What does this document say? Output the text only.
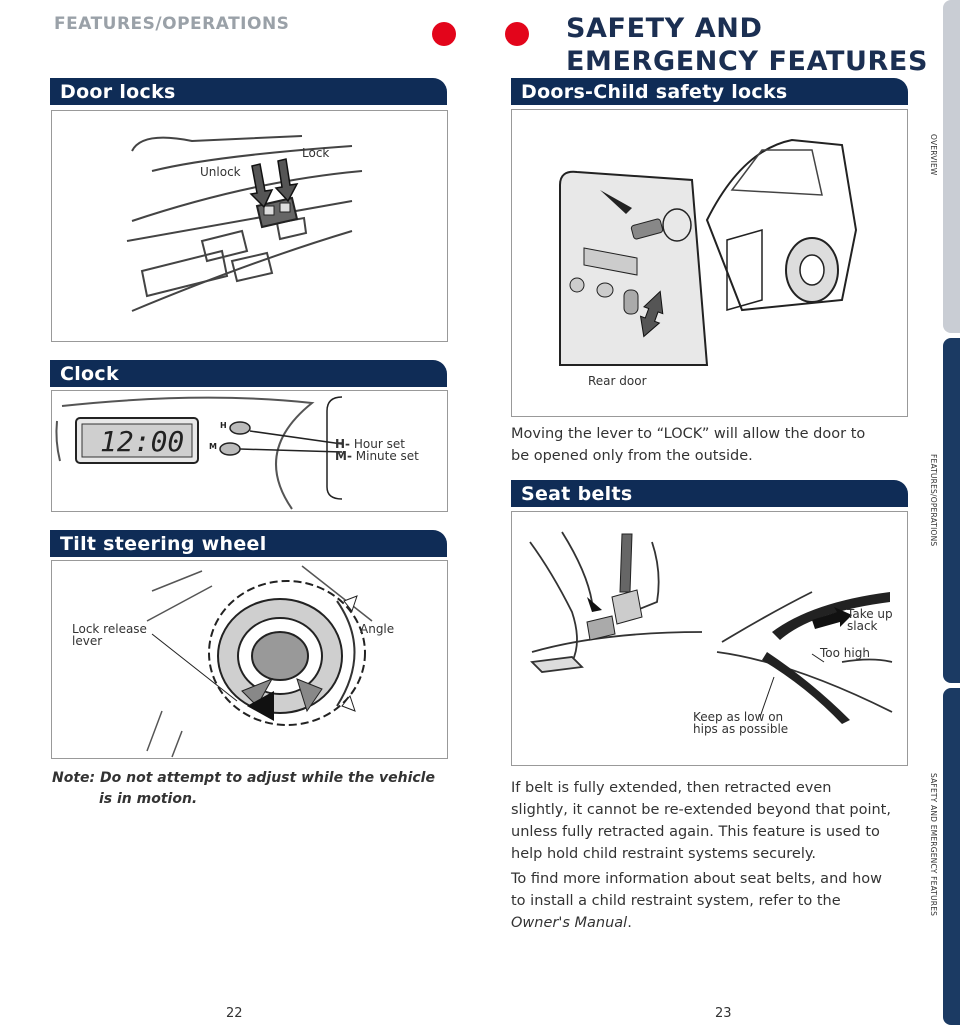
FEATURES/OPERATIONS	SAFETY AND
EMERGENCY FEATURES
Door locks
Unlock
Lock
Clock
12:00	H
M	H- Hour set
M- Minute set
Tilt steering wheel
Lock release
lever
Angle
Note: Do not attempt to adjust while the vehicle
is in motion.
Doors-Child safety locks
Rear door
Moving the lever to “LOCK” will allow the door to
be opened only from the outside.
Seat belts
Take up
slack
Too high
Keep as low on
hips as possible
If belt is fully extended, then retracted even
slightly, it cannot be re-extended beyond that point,
unless fully retracted again. This feature is used to
help hold child restraint systems securely.
To find more information about seat belts, and how
to install a child restraint system, refer to the
Owner's Manual.
OVERVIEW
FEATURES/OPERATIONS
SAFETY AND EMERGENCY FEATURES
22	23
